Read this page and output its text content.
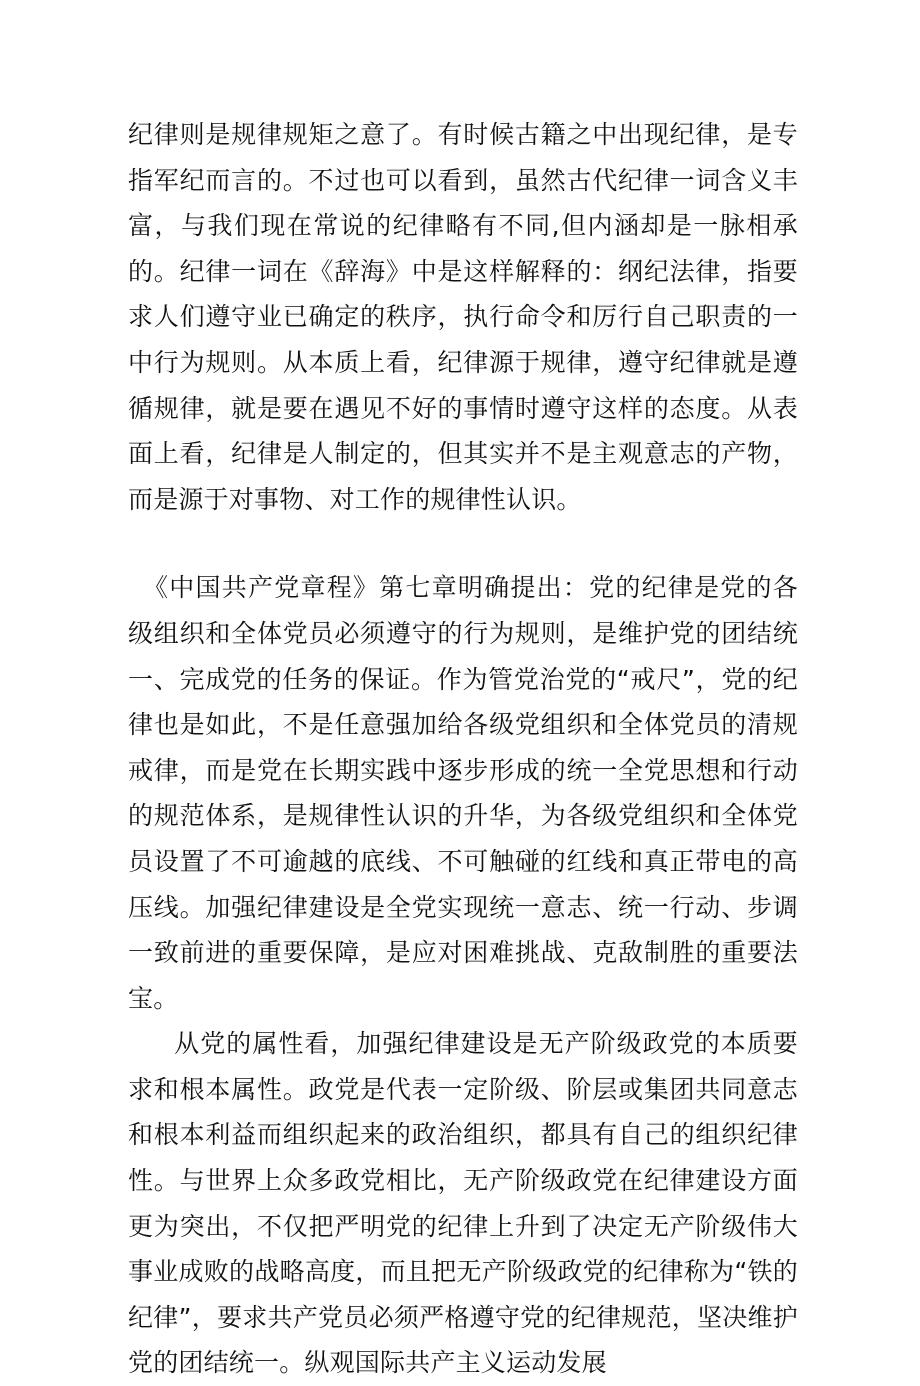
纪律则是规律规矩之意了。有时候古籍之中出现纪律，是专指军纪而言的。不过也可以看到，虽然古代纪律一词含义丰富，与我们现在常说的纪律略有不同,但内涵却是一脉相承的。纪律一词在《辞海》中是这样解释的：纲纪法律，指要求人们遵守业已确定的秩序，执行命令和厉行自己职责的一中行为规则。从本质上看，纪律源于规律，遵守纪律就是遵循规律，就是要在遇见不好的事情时遵守这样的态度。从表面上看，纪律是人制定的，但其实并不是主观意志的产物，而是源于对事物、对工作的规律性认识。

《中国共产党章程》第七章明确提出：党的纪律是党的各级组织和全体党员必须遵守的行为规则，是维护党的团结统一、完成党的任务的保证。作为管党治党的“戒尺”，党的纪律也是如此，不是任意强加给各级党组织和全体党员的清规戒律，而是党在长期实践中逐步形成的统一全党思想和行动的规范体系，是规律性认识的升华，为各级党组织和全体党员设置了不可逾越的底线、不可触碰的红线和真正带电的高压线。加强纪律建设是全党实现统一意志、统一行动、步调一致前进的重要保障，是应对困难挑战、克敌制胜的重要法宝。

从党的属性看，加强纪律建设是无产阶级政党的本质要求和根本属性。政党是代表一定阶级、阶层或集团共同意志和根本利益而组织起来的政治组织，都具有自己的组织纪律性。与世界上众多政党相比，无产阶级政党在纪律建设方面更为突出，不仅把严明党的纪律上升到了决定无产阶级伟大事业成败的战略高度，而且把无产阶级政党的纪律称为“铁的纪律”，要求共产党员必须严格遵守党的纪律规范，坚决维护党的团结统一。纵观国际共产主义运动发展
